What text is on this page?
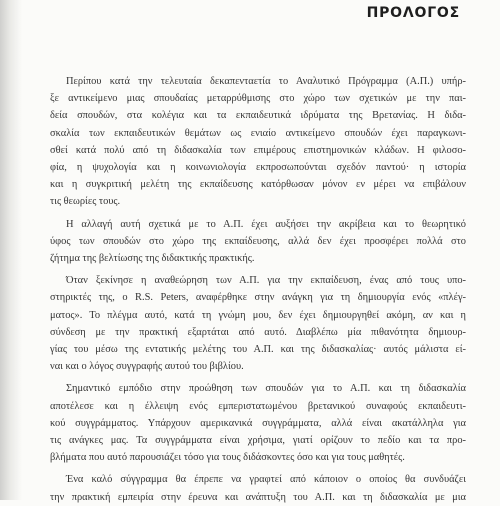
ΠΡΟΛΟΓΟΣ
Περίπου κατά την τελευταία δεκαπενταετία το Αναλυτικό Πρόγραμμα (Α.Π.) υπήρ-
ξε αντικείμενο μιας σπουδαίας μεταρρύθμισης στο χώρο των σχετικών με την παι-
δεία σπουδών, στα κολέγια και τα εκπαιδευτικά ιδρύματα της Βρετανίας. Η διδα-
σκαλία των εκπαιδευτικών θεμάτων ως ενιαίο αντικείμενο σπουδών έχει παραγκωνι-
σθεί κατά πολύ από τη διδασκαλία των επιμέρους επιστημονικών κλάδων. Η φιλοσο-
φία, η ψυχολογία και η κοινωνιολογία εκπροσωπούνται σχεδόν παντού· η ιστορία
και η συγκριτική μελέτη της εκπαίδευσης κατόρθωσαν μόνον εν μέρει να επιβάλουν
τις θεωρίες τους.
Η αλλαγή αυτή σχετικά με το Α.Π. έχει αυξήσει την ακρίβεια και το θεωρητικό
ύφος των σπουδών στο χώρο της εκπαίδευσης, αλλά δεν έχει προσφέρει πολλά στο
ζήτημα της βελτίωσης της διδακτικής πρακτικής.
Όταν ξεκίνησε η αναθεώρηση των Α.Π. για την εκπαίδευση, ένας από τους υπο-
στηρικτές της, ο R.S. Peters, αναφέρθηκε στην ανάγκη για τη δημιουργία ενός «πλέγ-
ματος». Το πλέγμα αυτό, κατά τη γνώμη μου, δεν έχει δημιουργηθεί ακόμη, αν και η
σύνδεση με την πρακτική εξαρτάται από αυτό. Διαβλέπω μία πιθανότητα δημιουρ-
γίας του μέσω της εντατικής μελέτης του Α.Π. και της διδασκαλίας· αυτός μάλιστα εί-
ναι και ο λόγος συγγραφής αυτού του βιβλίου.
Σημαντικό εμπόδιο στην προώθηση των σπουδών για το Α.Π. και τη διδασκαλία
αποτέλεσε και η έλλειψη ενός εμπεριστατωμένου βρετανικού συναφούς εκπαιδευτι-
κού συγγράμματος. Υπάρχουν αμερικανικά συγγράμματα, αλλά είναι ακατάλληλα για
τις ανάγκες μας. Τα συγγράμματα είναι χρήσιμα, γιατί ορίζουν το πεδίο και τα προ-
βλήματα που αυτό παρουσιάζει τόσο για τους διδάσκοντες όσο και για τους μαθητές.
Ένα καλό σύγγραμμα θα έπρεπε να γραφτεί από κάποιον ο οποίος θα συνδυάζει
την πρακτική εμπειρία στην έρευνα και ανάπτυξη του Α.Π. και τη διδασκαλία με μια
